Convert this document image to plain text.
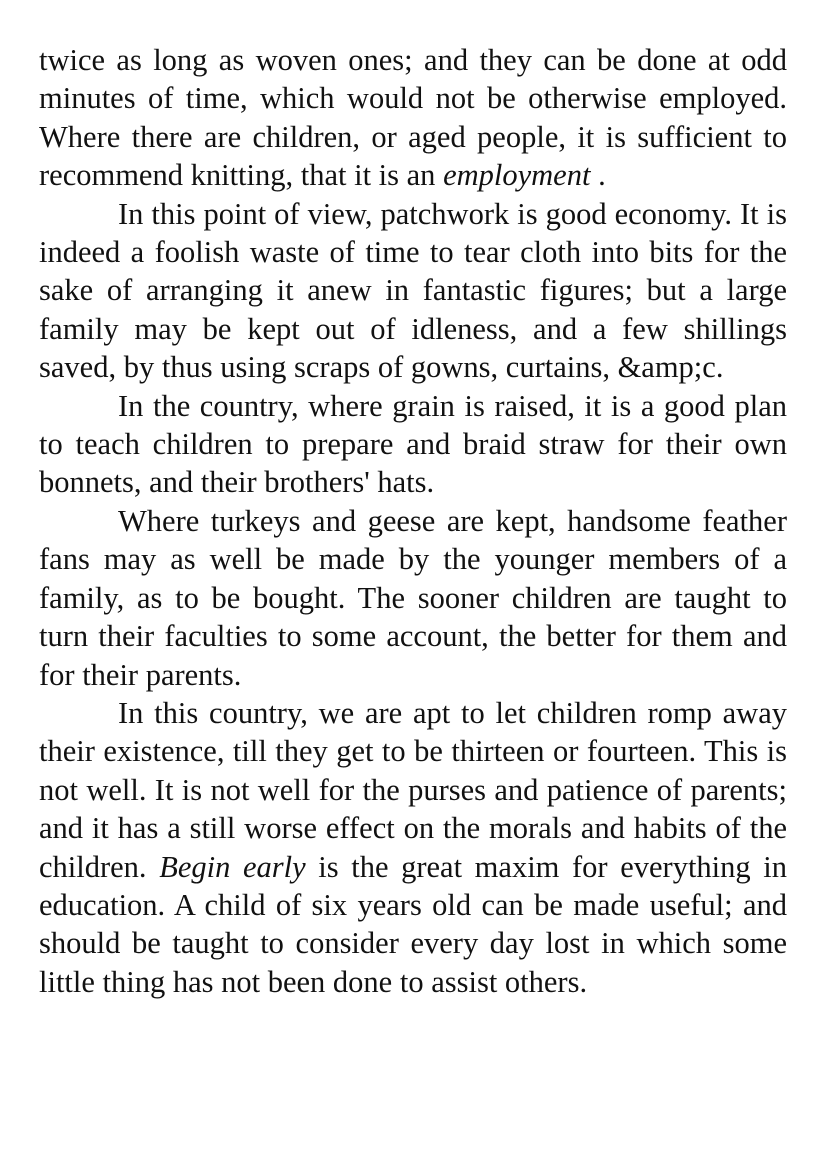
twice as long as woven ones; and they can be done at odd minutes of time, which would not be otherwise employed. Where there are children, or aged people, it is sufficient to recommend knitting, that it is an employment .

In this point of view, patchwork is good economy. It is indeed a foolish waste of time to tear cloth into bits for the sake of arranging it anew in fantastic figures; but a large family may be kept out of idleness, and a few shillings saved, by thus using scraps of gowns, curtains, &amp;c.

In the country, where grain is raised, it is a good plan to teach children to prepare and braid straw for their own bonnets, and their brothers' hats.

Where turkeys and geese are kept, handsome feather fans may as well be made by the younger members of a family, as to be bought. The sooner children are taught to turn their faculties to some account, the better for them and for their parents.

In this country, we are apt to let children romp away their existence, till they get to be thirteen or fourteen. This is not well. It is not well for the purses and patience of parents; and it has a still worse effect on the morals and habits of the children. Begin early is the great maxim for everything in education. A child of six years old can be made useful; and should be taught to consider every day lost in which some little thing has not been done to assist others.
